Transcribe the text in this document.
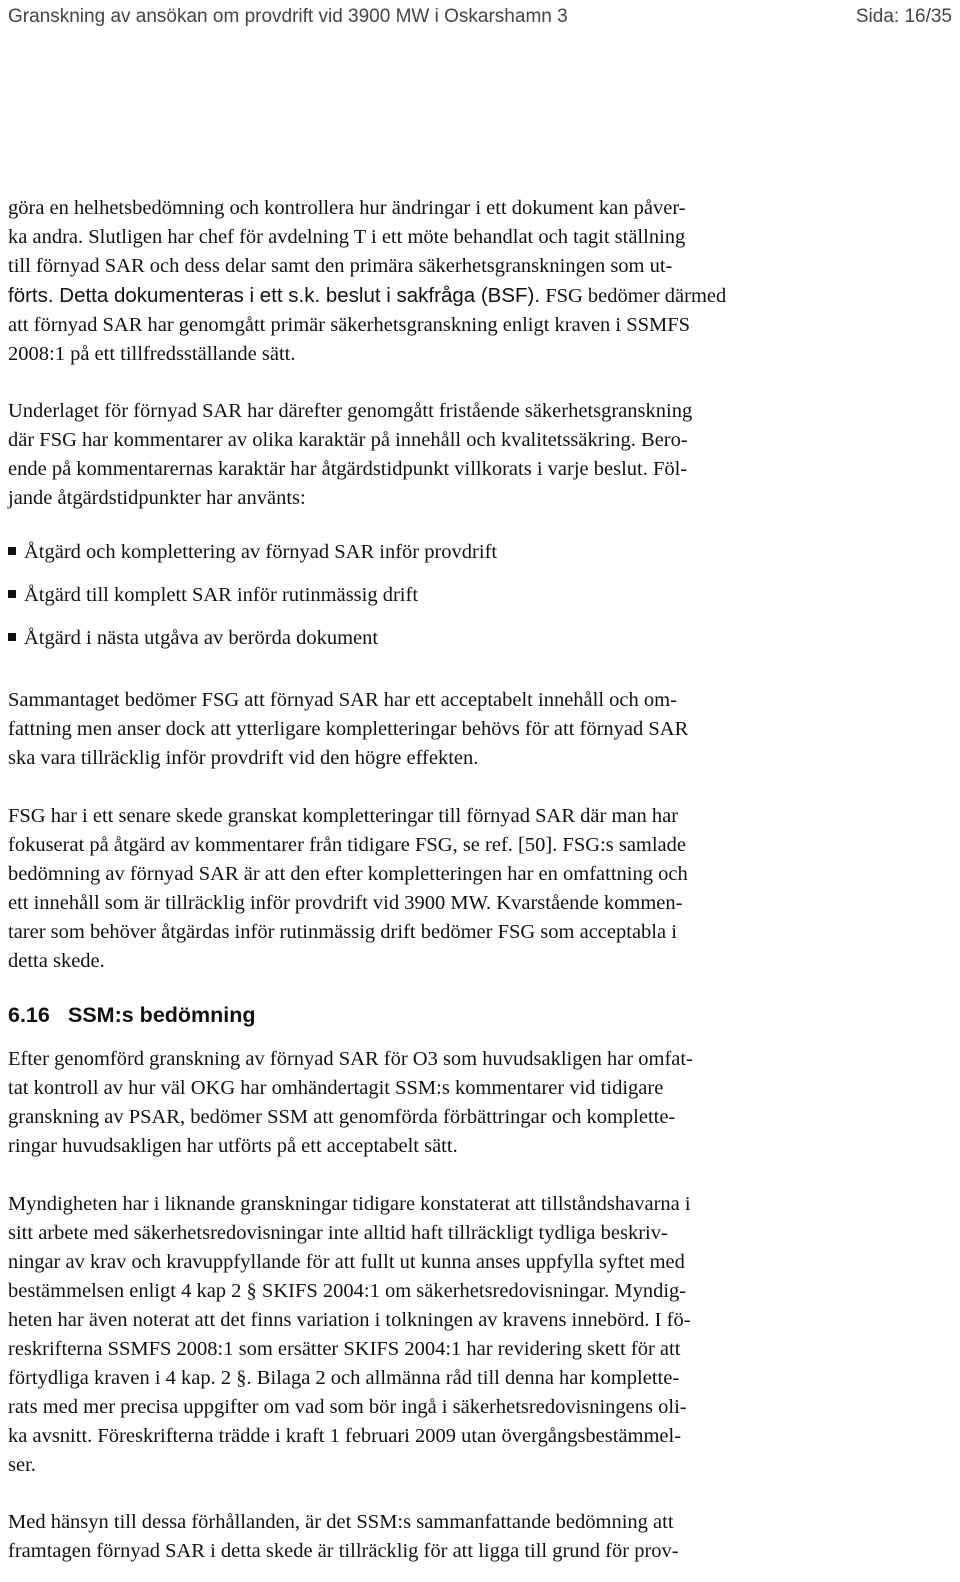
Granskning av ansökan om provdrift vid 3900 MW i Oskarshamn 3	Sida: 16/35
göra en helhetsbedömning och kontrollera hur ändringar i ett dokument kan påver-
ka andra. Slutligen har chef för avdelning T i ett möte behandlat och tagit ställning
till förnyad SAR och dess delar samt den primära säkerhetsgranskningen som ut-
förts. Detta dokumenteras i ett s.k. beslut i sakfråga (BSF). FSG bedömer därmed
att förnyad SAR har genomgått primär säkerhetsgranskning enligt kraven i SSMFS
2008:1 på ett tillfredsställande sätt.
Underlaget för förnyad SAR har därefter genomgått fristående säkerhetsgranskning
där FSG har kommentarer av olika karaktär på innehåll och kvalitetssäkring. Bero-
ende på kommentarernas karaktär har åtgärdstidpunkt villkorats i varje beslut. Föl-
jande åtgärdstidpunkter har använts:
Åtgärd och komplettering av förnyad SAR inför provdrift
Åtgärd till komplett SAR inför rutinmässig drift
Åtgärd i nästa utgåva av berörda dokument
Sammantaget bedömer FSG att förnyad SAR har ett acceptabelt innehåll och om-
fattning men anser dock att ytterligare kompletteringar behövs för att förnyad SAR
ska vara tillräcklig inför provdrift vid den högre effekten.
FSG har i ett senare skede granskat kompletteringar till förnyad SAR där man har
fokuserat på åtgärd av kommentarer från tidigare FSG, se ref. [50]. FSG:s samlade
bedömning av förnyad SAR är att den efter kompletteringen har en omfattning och
ett innehåll som är tillräcklig inför provdrift vid 3900 MW. Kvarstående kommen-
tarer som behöver åtgärdas inför rutinmässig drift bedömer FSG som acceptabla i
detta skede.
6.16 SSM:s bedömning
Efter genomförd granskning av förnyad SAR för O3 som huvudsakligen har omfat-
tat kontroll av hur väl OKG har omhändertagit SSM:s kommentarer vid tidigare
granskning av PSAR, bedömer SSM att genomförda förbättringar och komplette-
ringar huvudsakligen har utförts på ett acceptabelt sätt.
Myndigheten har i liknande granskningar tidigare konstaterat att tillståndshavarna i
sitt arbete med säkerhetsredovisningar inte alltid haft tillräckligt tydliga beskriv-
ningar av krav och kravuppfyllande för att fullt ut kunna anses uppfylla syftet med
bestämmelsen enligt 4 kap 2 § SKIFS 2004:1 om säkerhetsredovisningar. Myndig-
heten har även noterat att det finns variation i tolkningen av kravens innebörd. I fö-
reskrifterna SSMFS 2008:1 som ersätter SKIFS 2004:1 har revidering skett för att
förtydliga kraven i 4 kap. 2 §. Bilaga 2 och allmänna råd till denna har komplette-
rats med mer precisa uppgifter om vad som bör ingå i säkerhetsredovisningens oli-
ka avsnitt. Föreskrifterna trädde i kraft 1 februari 2009 utan övergångsbestämmel-
ser.
Med hänsyn till dessa förhållanden, är det SSM:s sammanfattande bedömning att
framtagen förnyad SAR i detta skede är tillräcklig för att ligga till grund för prov-
